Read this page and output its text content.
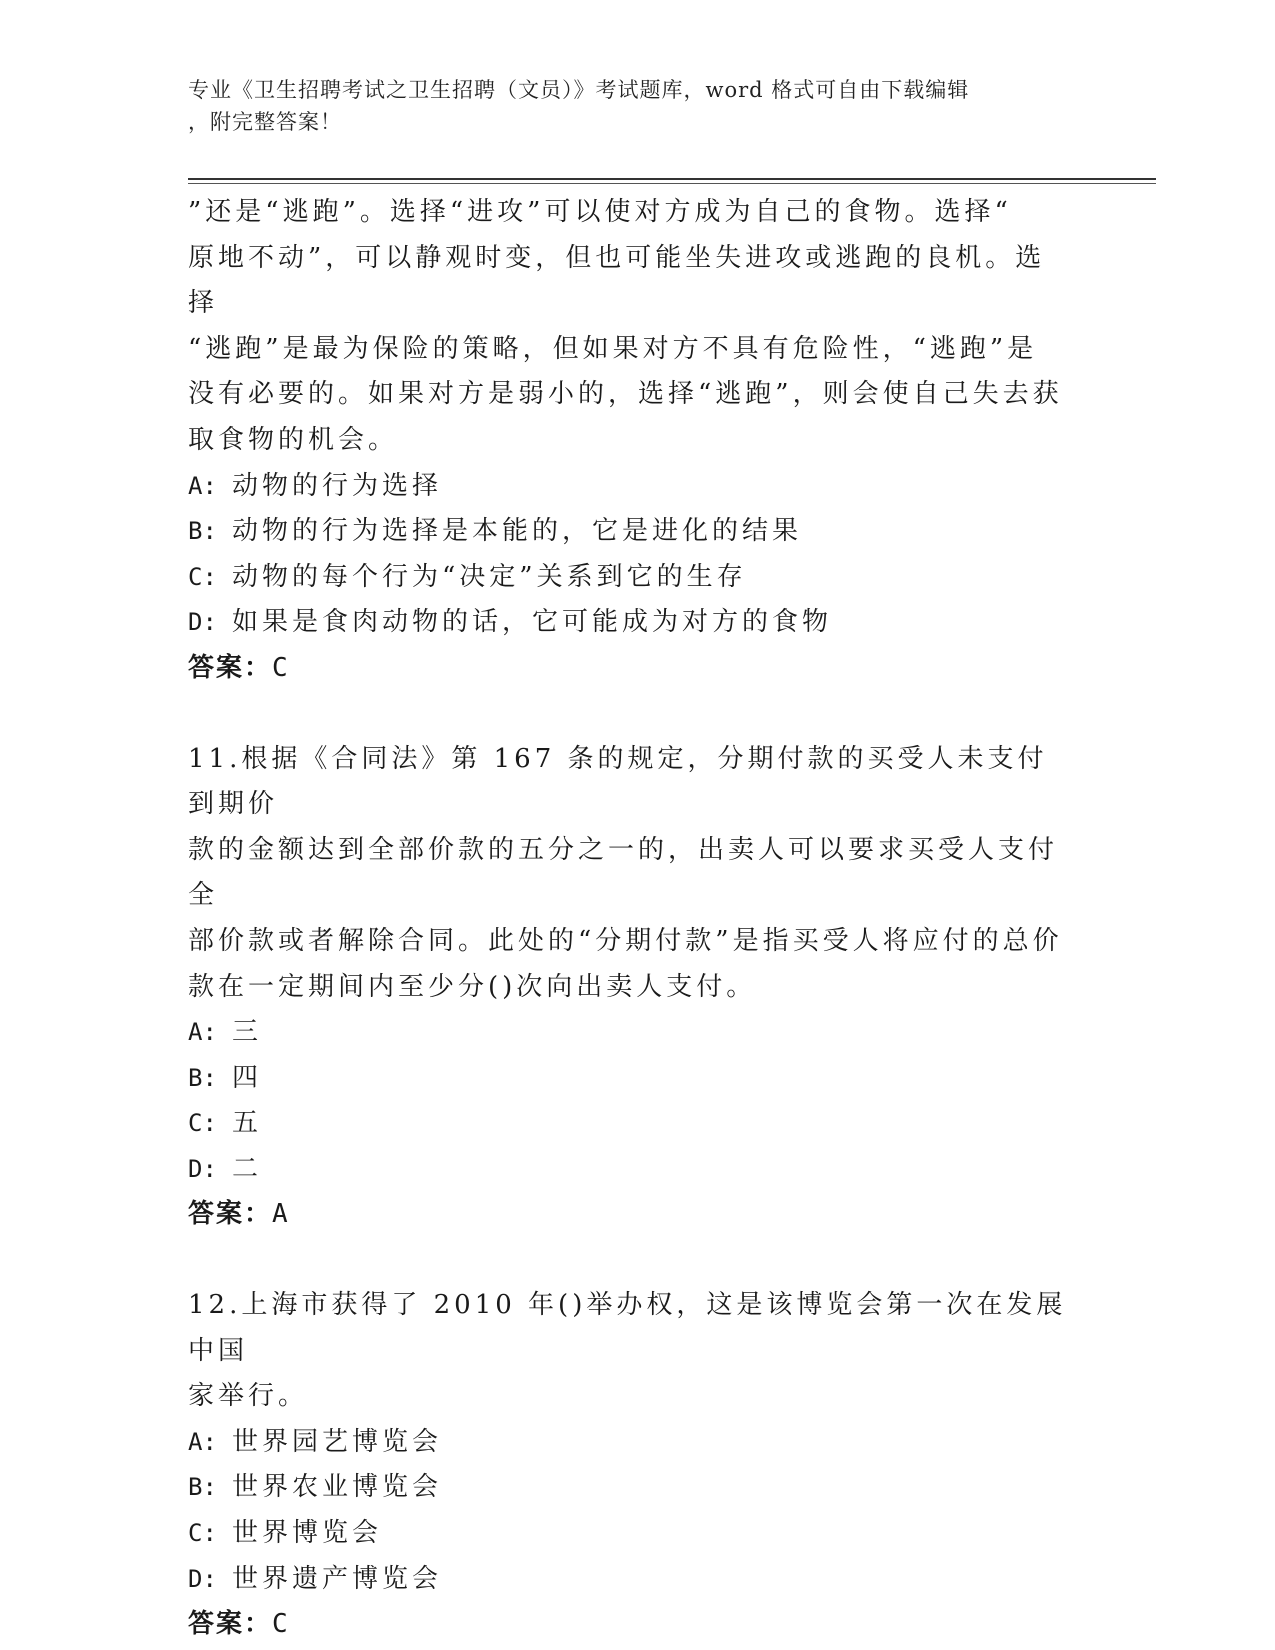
专业《卫生招聘考试之卫生招聘（文员）》考试题库，word 格式可自由下载编辑
，附完整答案！

”还是“逃跑”。选择“进攻”可以使对方成为自己的食物。选择“

原地不动”，可以静观时变，但也可能坐失进攻或逃跑的良机。选择

“逃跑”是最为保险的策略，但如果对方不具有危险性，“逃跑”是

没有必要的。如果对方是弱小的，选择“逃跑”，则会使自己失去获

取食物的机会。

A: 动物的行为选择

B: 动物的行为选择是本能的，它是进化的结果

C: 动物的每个行为“决定”关系到它的生存

D: 如果是食肉动物的话，它可能成为对方的食物

答案：C

11.根据《合同法》第 167 条的规定，分期付款的买受人未支付到期价

款的金额达到全部价款的五分之一的，出卖人可以要求买受人支付全

部价款或者解除合同。此处的“分期付款”是指买受人将应付的总价

款在一定期间内至少分()次向出卖人支付。

A: 三

B: 四

C: 五

D: 二

答案：A

12.上海市获得了 2010 年()举办权，这是该博览会第一次在发展中国

家举行。

A: 世界园艺博览会

B: 世界农业博览会

C: 世界博览会

D: 世界遗产博览会

答案：C
